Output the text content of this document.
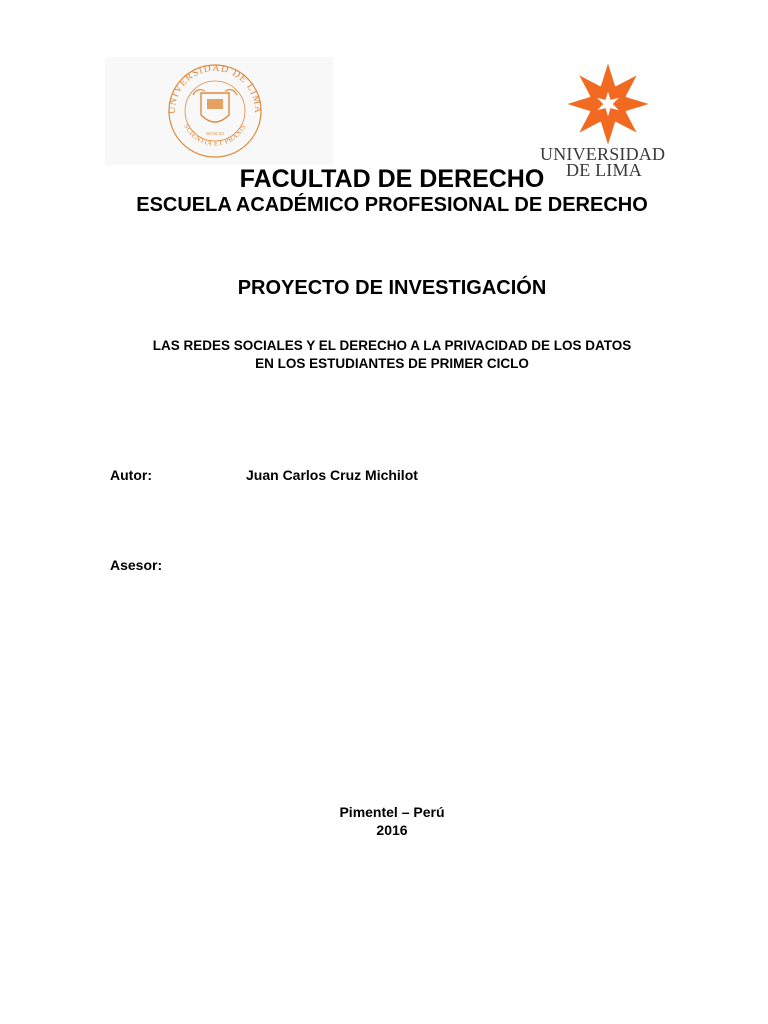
UNIVERSIDAD DE LIMA
SCIENTIA ET PRAXIS
MCMLXII
UNIVERSIDAD
DE LIMA
FACULTAD DE DERECHO
ESCUELA ACADÉMICO PROFESIONAL DE DERECHO
PROYECTO DE INVESTIGACIÓN
LAS REDES SOCIALES Y EL DERECHO A LA PRIVACIDAD DE LOS DATOS
EN LOS ESTUDIANTES DE PRIMER CICLO
Autor:	Juan Carlos Cruz Michilot
Asesor:
Pimentel – Perú
2016
